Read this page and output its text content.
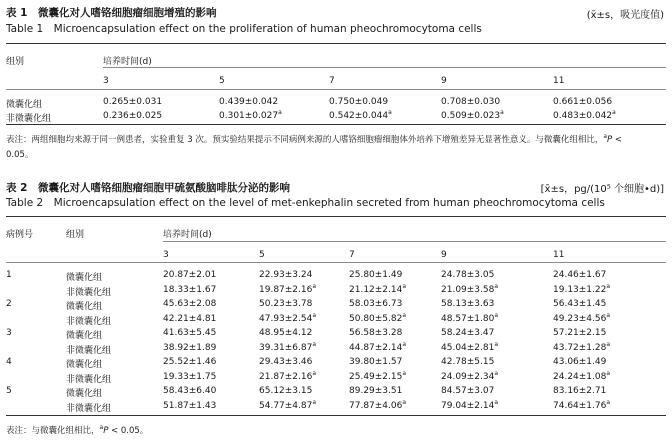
表 1　微囊化对人嗜铬细胞瘤细胞增殖的影响	(x̄±s，吸光度值)
Table 1　Microencapsulation effect on the proliferation of human pheochromocytoma cells
组别	培养时间(d)
3	5	7	9	11
微囊化组	0.265±0.031	0.439±0.042	0.750±0.049	0.708±0.030	0.661±0.056
非微囊化组	0.236±0.025	0.301±0.027$^a$	0.542±0.044$^a$	0.509±0.023$^a$	0.483±0.042$^a$
表注：两组细胞均来源于同一例患者，实验重复 3 次。预实验结果提示不同病例来源的人嗜铬细胞瘤细胞体外培养下增殖差异无显著性意义。与微囊化组相比，$^a$P <
0.05。
表 2　微囊化对人嗜铬细胞瘤细胞甲硫氨酸脑啡肽分泌的影响	[x̄±s，pg/(10⁵ 个细胞•d)]
Table 2　Microencapsulation effect on the level of met-enkephalin secreted from human pheochromocytoma cells
病例号	组别	培养时间(d)
3	5	7	9	11
1	微囊化组	20.87±2.01	22.93±3.24	25.80±1.49	24.78±3.05	24.46±1.67
非微囊化组	18.33±1.67	19.87±2.16$^a$	21.12±2.14$^a$	21.09±3.58$^a$	19.13±1.22$^a$
2	微囊化组	45.63±2.08	50.23±3.78	58.03±6.73	58.13±3.63	56.43±1.45
非微囊化组	42.21±4.81	47.93±2.54$^a$	50.80±5.82$^a$	48.57±1.80$^a$	49.23±4.56$^a$
3	微囊化组	41.63±5.45	48.95±4.12	56.58±3.28	58.24±3.47	57.21±2.15
非微囊化组	38.92±1.89	39.31±6.87$^a$	44.87±2.14$^a$	45.04±2.81$^a$	43.72±1.28$^a$
4	微囊化组	25.52±1.46	29.43±3.46	39.80±1.57	42.78±5.15	43.06±1.49
非微囊化组	19.33±1.75	21.87±2.16$^a$	25.49±2.15$^a$	24.09±2.34$^a$	24.24±1.08$^a$
5	微囊化组	58.43±6.40	65.12±3.15	89.29±3.51	84.57±3.07	83.16±2.71
非微囊化组	51.87±1.43	54.77±4.87$^a$	77.87±4.06$^a$	79.04±2.14$^a$	74.64±1.76$^a$
表注：与微囊化组相比，$^a$P < 0.05。
